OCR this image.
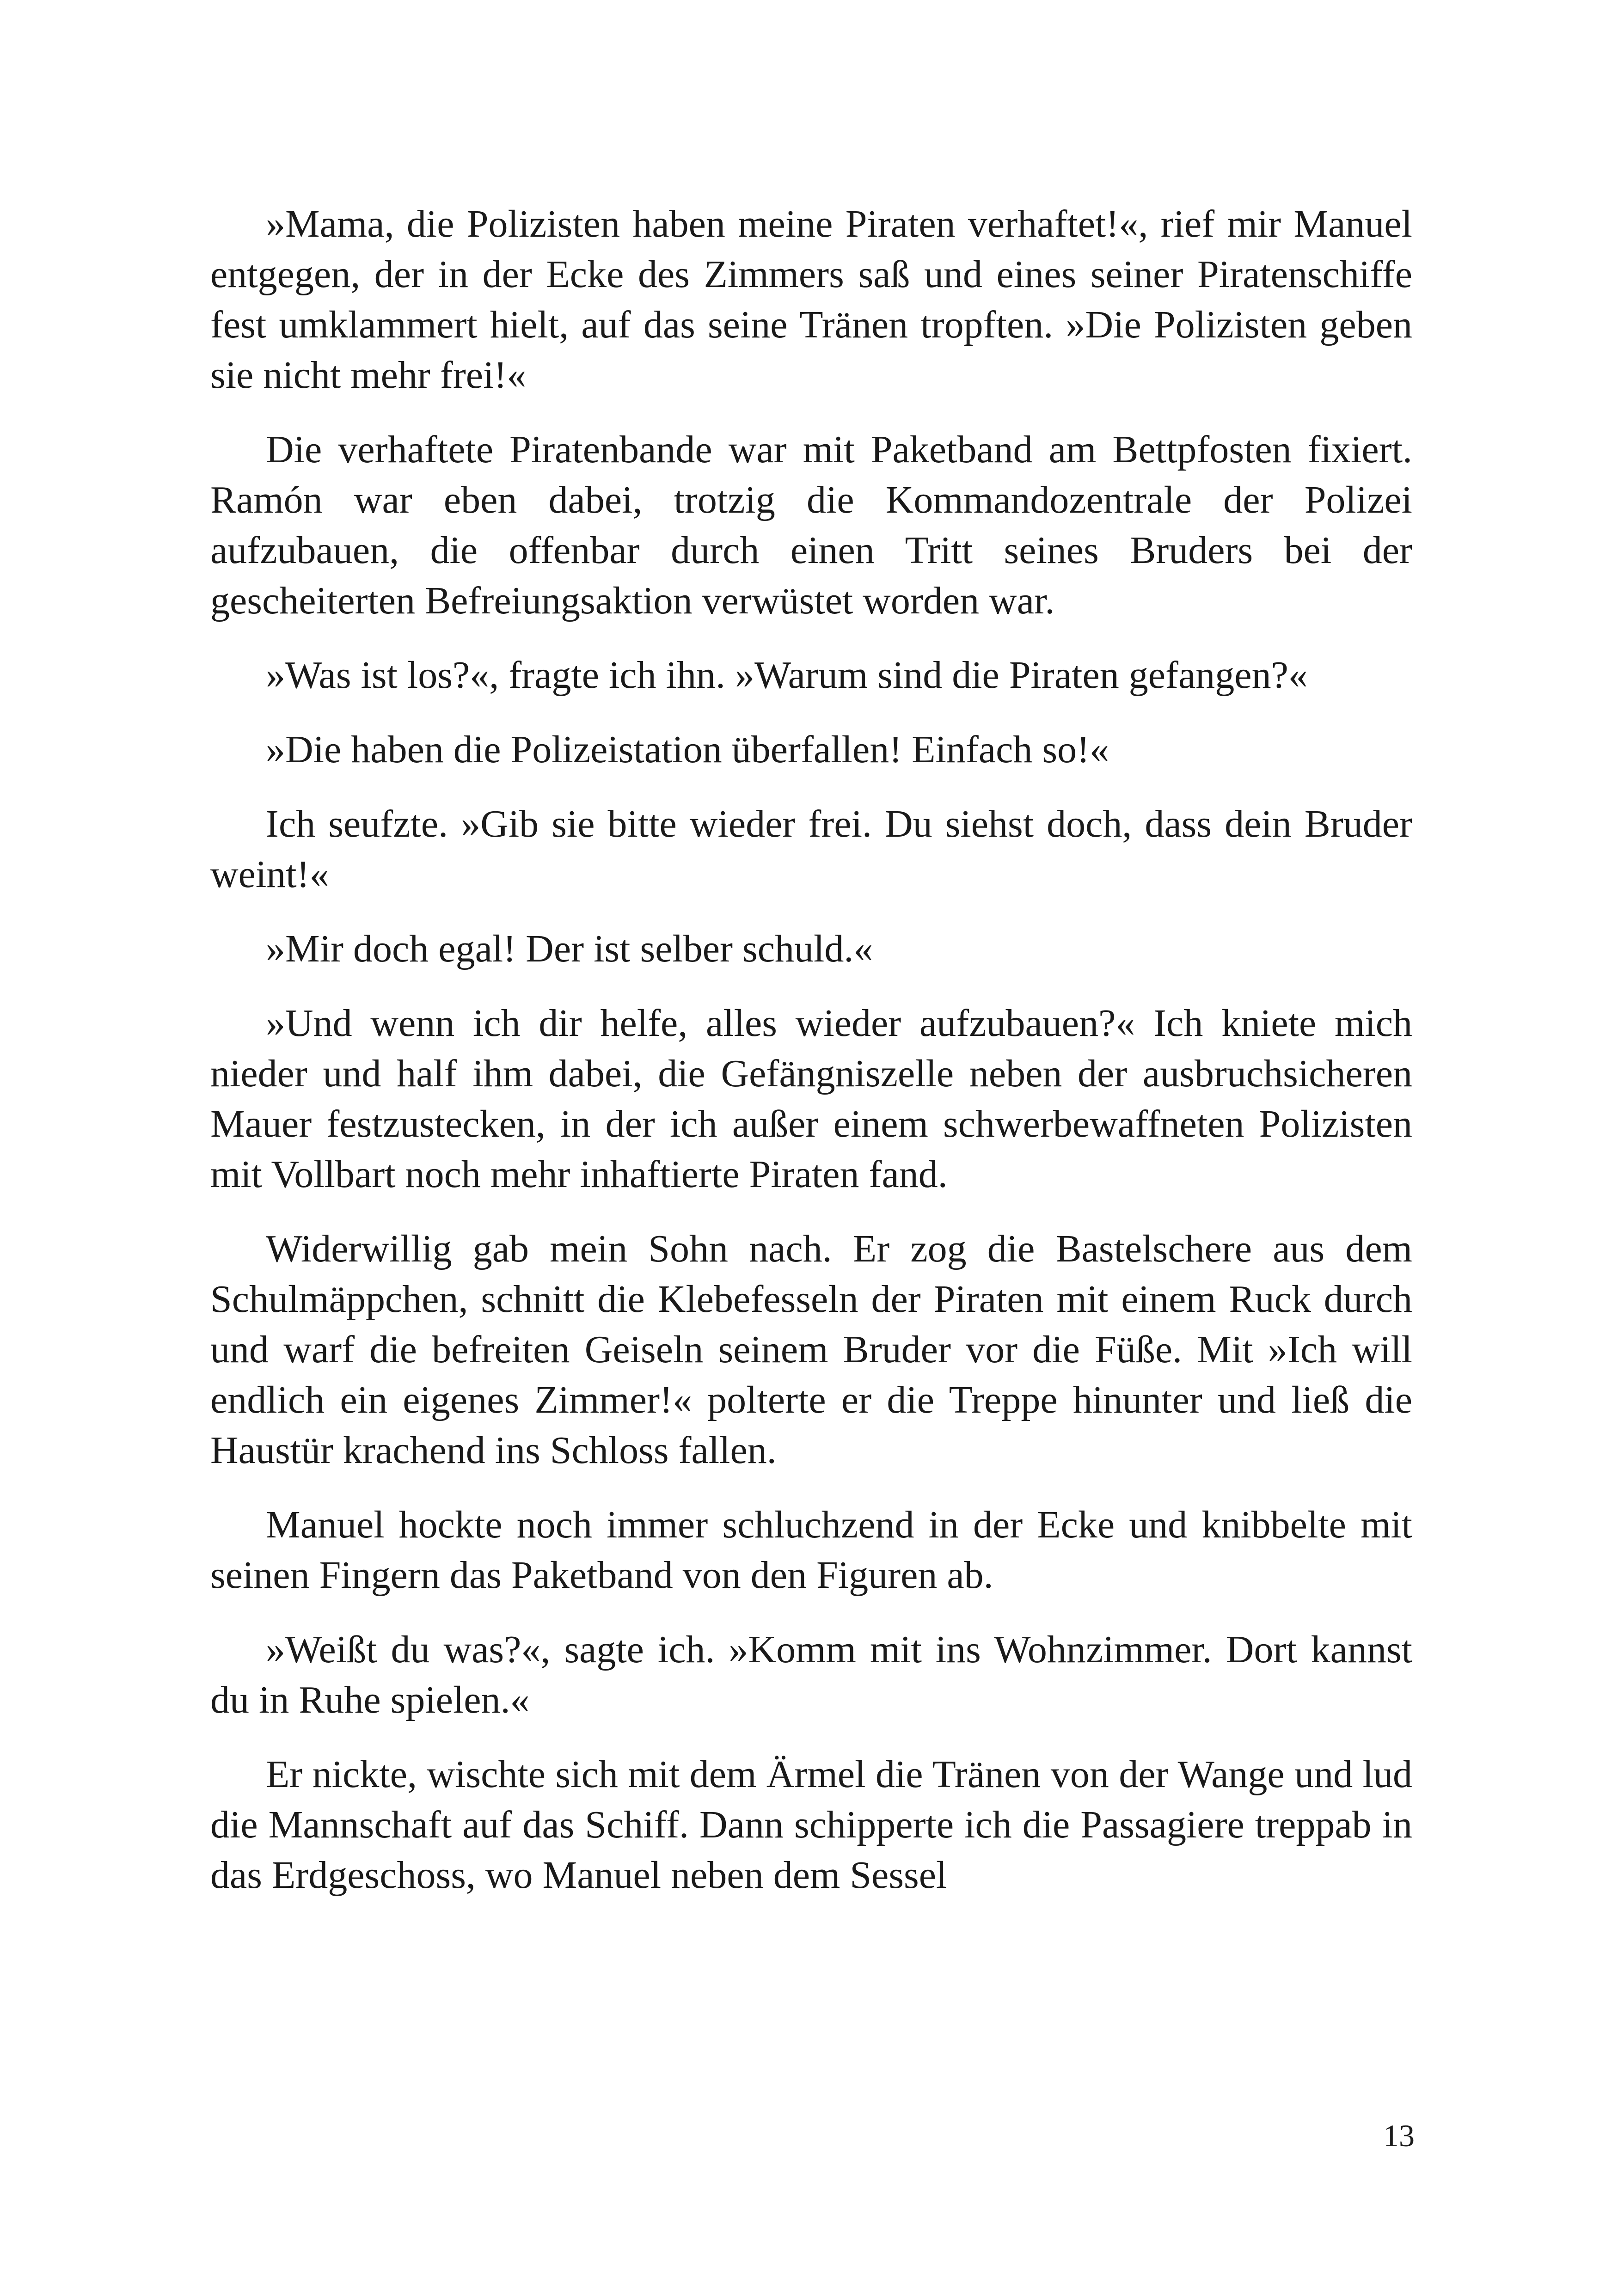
»Mama, die Polizisten haben meine Piraten verhaftet!«, rief mir Manuel entgegen, der in der Ecke des Zimmers saß und eines seiner Piratenschiffe fest umklammert hielt, auf das seine Tränen tropften. »Die Polizisten geben sie nicht mehr frei!«

Die verhaftete Piratenbande war mit Paketband am Bettpfosten fixiert. Ramón war eben dabei, trotzig die Kommandozentrale der Polizei aufzubauen, die offenbar durch einen Tritt seines Bruders bei der gescheiterten Befreiungsaktion verwüstet worden war.

»Was ist los?«, fragte ich ihn. »Warum sind die Piraten gefangen?«

»Die haben die Polizeistation überfallen! Einfach so!«

Ich seufzte. »Gib sie bitte wieder frei. Du siehst doch, dass dein Bruder weint!«

»Mir doch egal! Der ist selber schuld.«

»Und wenn ich dir helfe, alles wieder aufzubauen?« Ich kniete mich nieder und half ihm dabei, die Gefängniszelle neben der ausbruchsicheren Mauer festzustecken, in der ich außer einem schwerbewaffneten Polizisten mit Vollbart noch mehr inhaftierte Piraten fand.

Widerwillig gab mein Sohn nach. Er zog die Bastelschere aus dem Schulmäppchen, schnitt die Klebefesseln der Piraten mit einem Ruck durch und warf die befreiten Geiseln seinem Bruder vor die Füße. Mit »Ich will endlich ein eigenes Zimmer!« polterte er die Treppe hinunter und ließ die Haustür krachend ins Schloss fallen.

Manuel hockte noch immer schluchzend in der Ecke und knibbelte mit seinen Fingern das Paketband von den Figuren ab.

»Weißt du was?«, sagte ich. »Komm mit ins Wohnzimmer. Dort kannst du in Ruhe spielen.«

Er nickte, wischte sich mit dem Ärmel die Tränen von der Wange und lud die Mannschaft auf das Schiff. Dann schipperte ich die Passagiere treppab in das Erdgeschoss, wo Manuel neben dem Sessel

13
